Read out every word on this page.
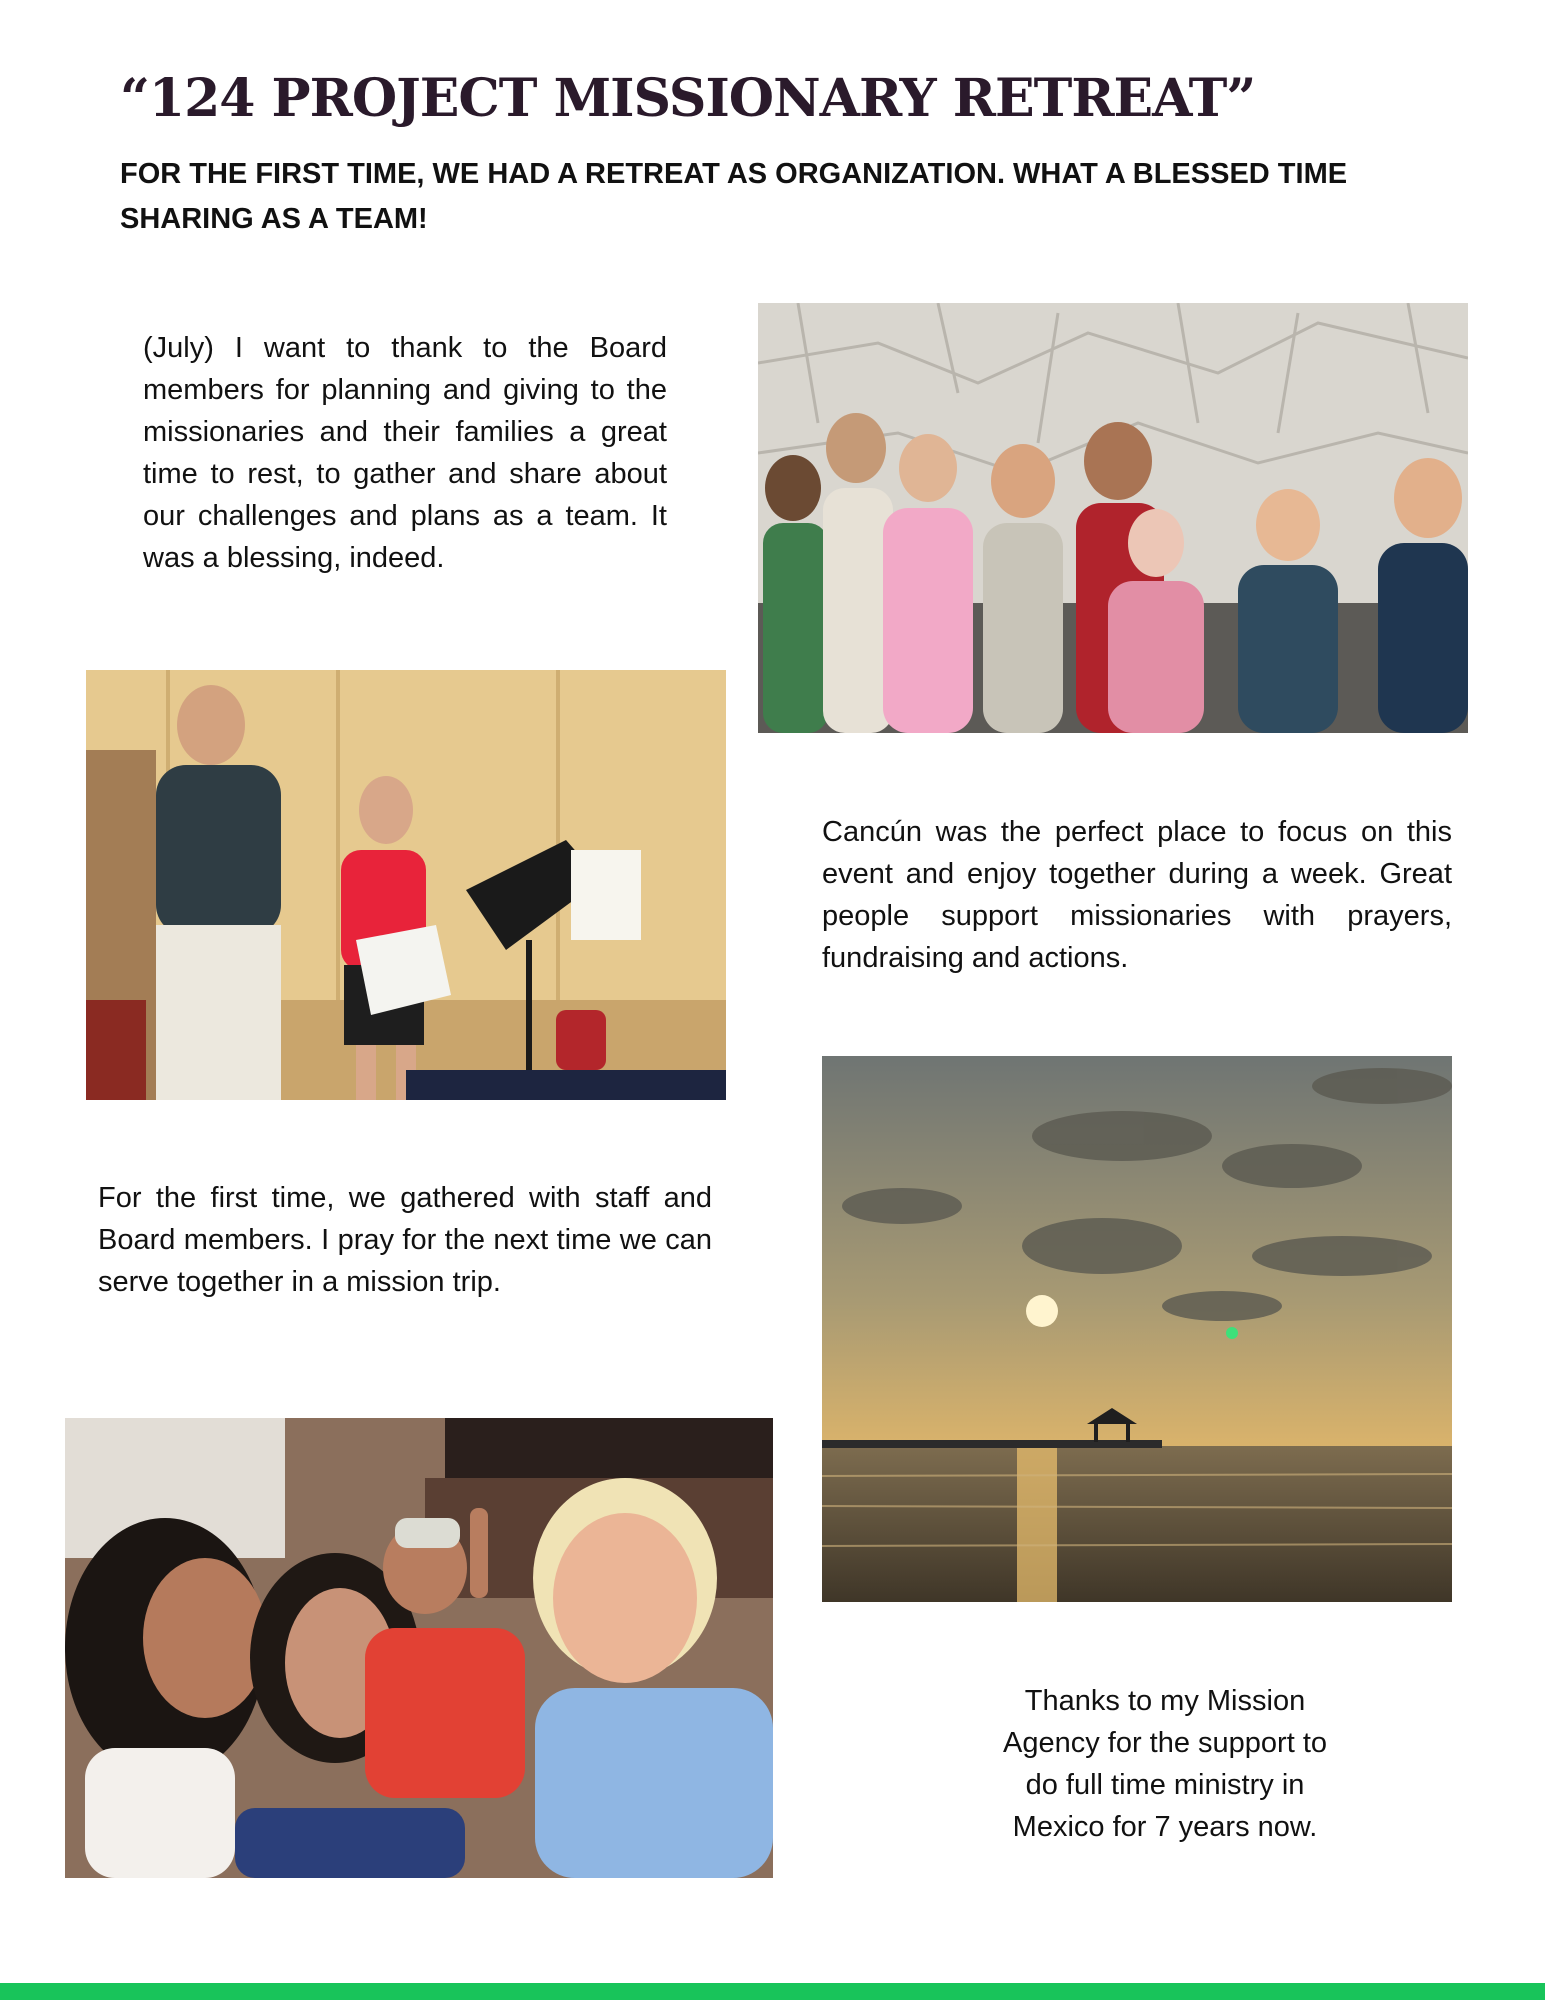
“124 PROJECT MISSIONARY RETREAT”

FOR THE FIRST TIME, WE HAD A RETREAT AS ORGANIZATION. WHAT A BLESSED TIME SHARING AS A TEAM!

(July) I want to thank to the Board members for planning and giving to the missionaries and their families a great time to rest, to gather and share about our challenges and plans as a team. It was a blessing, indeed.

Cancún was the perfect place to focus on this event and enjoy together during a week. Great people support missionaries with prayers, fundraising and actions.

For the first time, we gathered with staff and Board members. I pray for the next time we can serve together in a mission trip.

Thanks to my Mission
Agency for the support to
do full time ministry in
Mexico for 7 years now.
